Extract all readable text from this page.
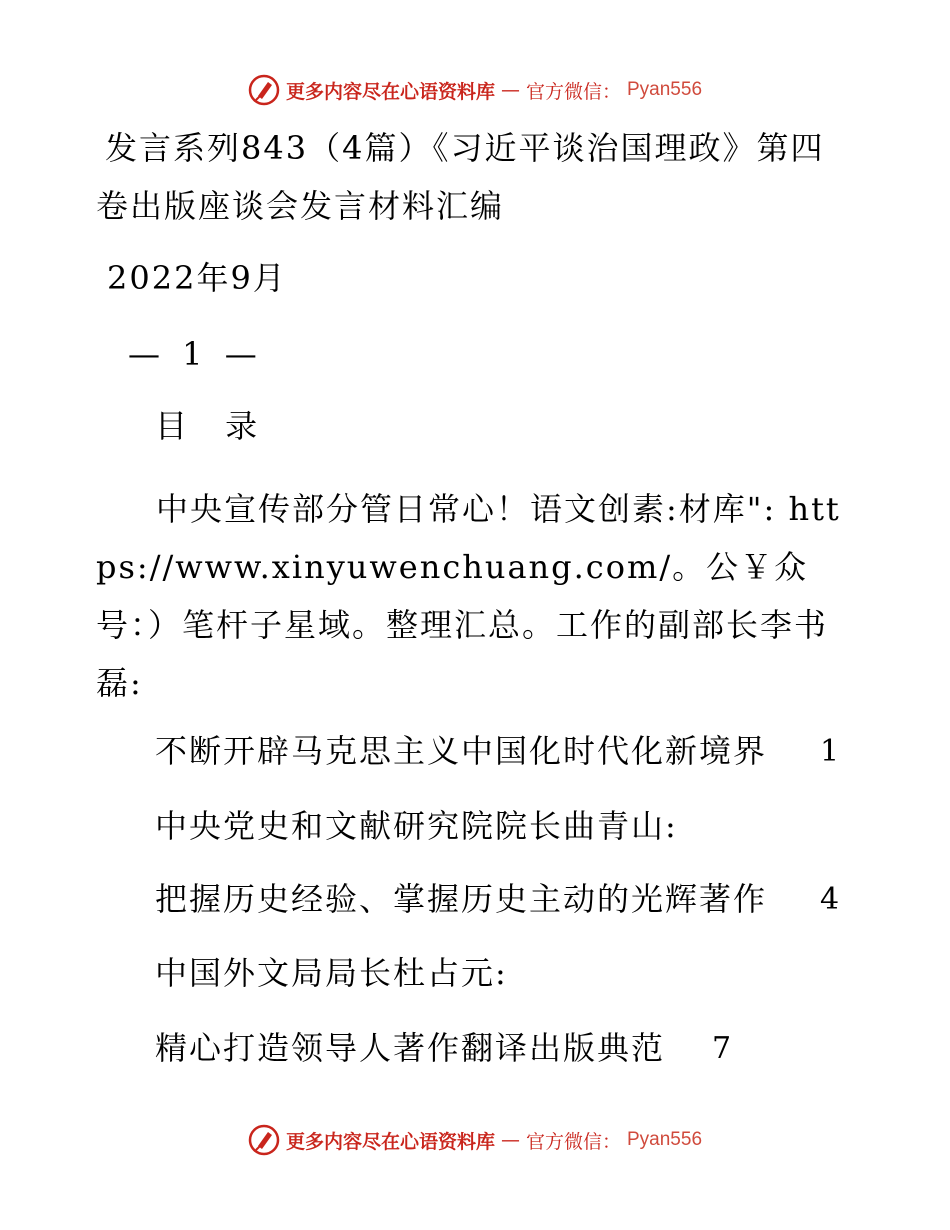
更多内容尽在心语资料库 — 官方微信： Pyan556
发言系列843（4篇）《习近平谈治国理政》第四
卷出版座谈会发言材料汇编
2022年9月
— 1 —
目 录
中央宣传部分管日常心！语文创素:材库": https://www.xinyuwenchuang.com/。公￥众号：）笔杆子星域。整理汇总。工作的副部长李书磊:
不断开辟马克思主义中国化时代化新境界 1
中央党史和文献研究院院长曲青山:
把握历史经验、掌握历史主动的光辉著作 4
中国外文局局长杜占元:
精心打造领导人著作翻译出版典范 7
更多内容尽在心语资料库 — 官方微信： Pyan556
